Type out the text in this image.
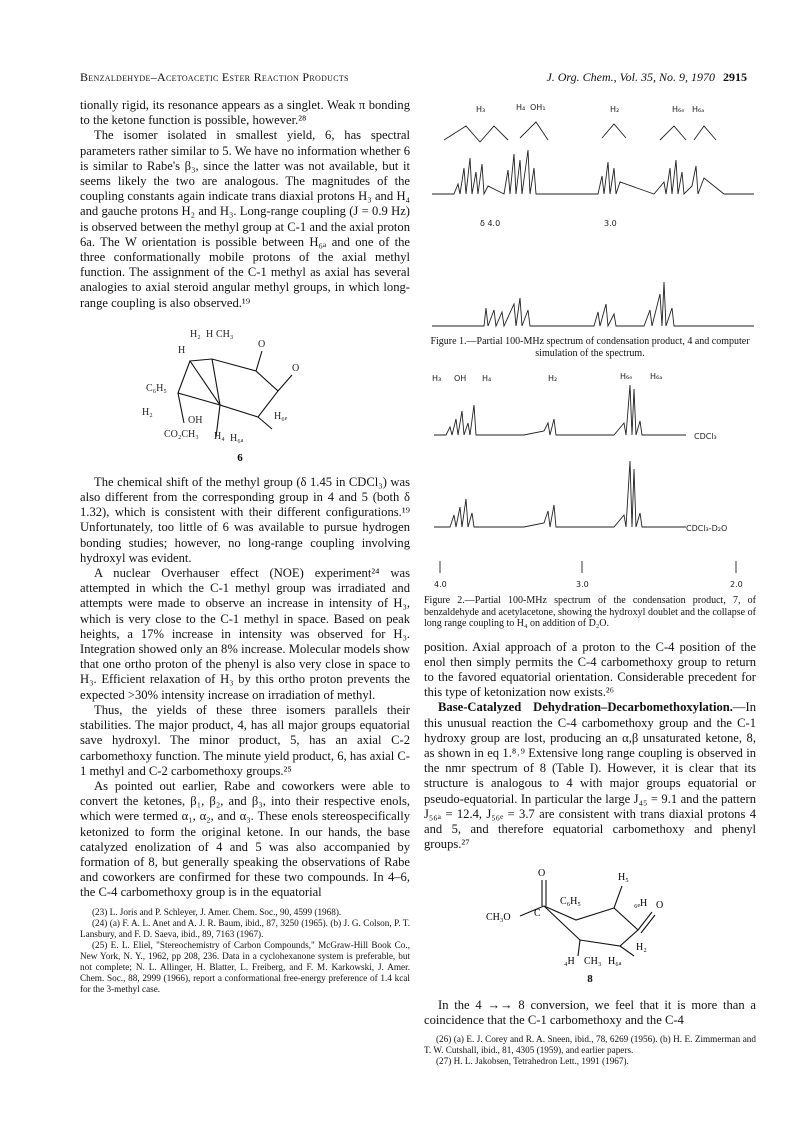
Benzaldehyde–Acetoacetic Ester Reaction Products	J. Org. Chem., Vol. 35, No. 9, 1970 2915

tionally rigid, its resonance appears as a singlet. Weak π bonding to the ketone function is possible, however.²⁸

The isomer isolated in smallest yield, 6, has spectral parameters rather similar to 5. We have no information whether 6 is similar to Rabe's β₃, since the latter was not available, but it seems likely the two are analogous. The magnitudes of the coupling constants again indicate trans diaxial protons H₃ and H₄ and gauche protons H₂ and H₃. Long-range coupling (J = 0.9 Hz) is observed between the methyl group at C-1 and the axial proton 6a. The W orientation is possible between H₆ₐ and one of the three conformationally mobile protons of the axial methyl function. The assignment of the C-1 methyl as axial has several analogies to axial steroid angular methyl groups, in which long-range coupling is also observed.¹⁹

H
H₂ H CH₃
O
O
C₆H₅
H₂
OH	H₆ₑ
CO₂CH₃ H₄ H₆ₐ
6

The chemical shift of the methyl group (δ 1.45 in CDCl₃) was also different from the corresponding group in 4 and 5 (both δ 1.32), which is consistent with their different configurations.¹⁹ Unfortunately, too little of 6 was available to pursue hydrogen bonding studies; however, no long-range coupling involving hydroxyl was evident.

A nuclear Overhauser effect (NOE) experiment²⁴ was attempted in which the C-1 methyl group was irradiated and attempts were made to observe an increase in intensity of H₃, which is very close to the C-1 methyl in space. Based on peak heights, a 17% increase in intensity was observed for H₃. Integration showed only an 8% increase. Molecular models show that one ortho proton of the phenyl is also very close in space to H₃. Efficient relaxation of H₃ by this ortho proton prevents the expected >30% intensity increase on irradiation of methyl.

Thus, the yields of these three isomers parallels their stabilities. The major product, 4, has all major groups equatorial save hydroxyl. The minor product, 5, has an axial C-2 carbomethoxy function. The minute yield product, 6, has axial C-1 methyl and C-2 carbomethoxy groups.²⁵

As pointed out earlier, Rabe and coworkers were able to convert the ketones, β₁, β₂, and β₃, into their respective enols, which were termed α₁, α₂, and α₃. These enols stereospecifically ketonized to form the original ketone. In our hands, the base catalyzed enolization of 4 and 5 was also accompanied by formation of 8, but generally speaking the observations of Rabe and coworkers are confirmed for these two compounds. In 4–6, the C-4 carbomethoxy group is in the equatorial

(23) L. Joris and P. Schleyer, J. Amer. Chem. Soc., 90, 4599 (1968).
(24) (a) F. A. L. Anet and A. J. R. Baum, ibid., 87, 3250 (1965). (b) J. G. Colson, P. T. Lansbury, and F. D. Saeva, ibid., 89, 7163 (1967).
(25) E. L. Eliel, "Stereochemistry of Carbon Compounds," McGraw-Hill Book Co., New York, N. Y., 1962, pp 208, 236. Data in a cyclohexanone system is preferable, but not complete; N. L. Allinger, H. Blatter, L. Freiberg, and F. M. Karkowski, J. Amer. Chem. Soc., 88, 2999 (1966), report a conformational free-energy preference of 1.4 kcal for the 3-methyl case.
H₃	H₄ OH₁	H₂	H₆ₑ H₆ₐ
δ 4.0	3.0
Figure 1.—Partial 100-MHz spectrum of condensation product, 4 and computer simulation of the spectrum.
H₃ OH H₄	H₂	H₆ₑ H₆ₐ
CDCl₃
CDCl₃-D₂O
4.0	3.0	2.0
Figure 2.—Partial 100-MHz spectrum of the condensation product, 7, of benzaldehyde and acetylacetone, showing the hydroxyl doublet and the collapse of long range coupling to H₄ on addition of D₂O.

position. Axial approach of a proton to the C-4 position of the enol then simply permits the C-4 carbomethoxy group to return to the favored equatorial orientation. Considerable precedent for this type of ketonization now exists.²⁶

Base-Catalyzed Dehydration–Decarbomethoxylation.—In this unusual reaction the C-4 carbomethoxy group and the C-1 hydroxy group are lost, producing an α,β unsaturated ketone, 8, as shown in eq 1.⁸˒⁹ Extensive long range coupling is observed in the nmr spectrum of 8 (Table I). However, it is clear that its structure is analogous to 4 with major groups equatorial or pseudo-equatorial. In particular the large J₄₅ = 9.1 and the pattern J₅₆ₐ = 12.4, J₅₆ₑ = 3.7 are consistent with trans diaxial protons 4 and 5, and therefore equatorial carbomethoxy and phenyl groups.²⁷

O	H₅
C₆H₅	₆ₑH O
CH₃O C
H₂
₄H CH₃ H₆ₐ
8

In the 4 →→ 8 conversion, we feel that it is more than a coincidence that the C-1 carbomethoxy and the C-4

(26) (a) E. J. Corey and R. A. Sneen, ibid., 78, 6269 (1956). (b) H. E. Zimmerman and T. W. Cutshall, ibid., 81, 4305 (1959), and earlier papers.
(27) H. L. Jakobsen, Tetrahedron Lett., 1991 (1967).
